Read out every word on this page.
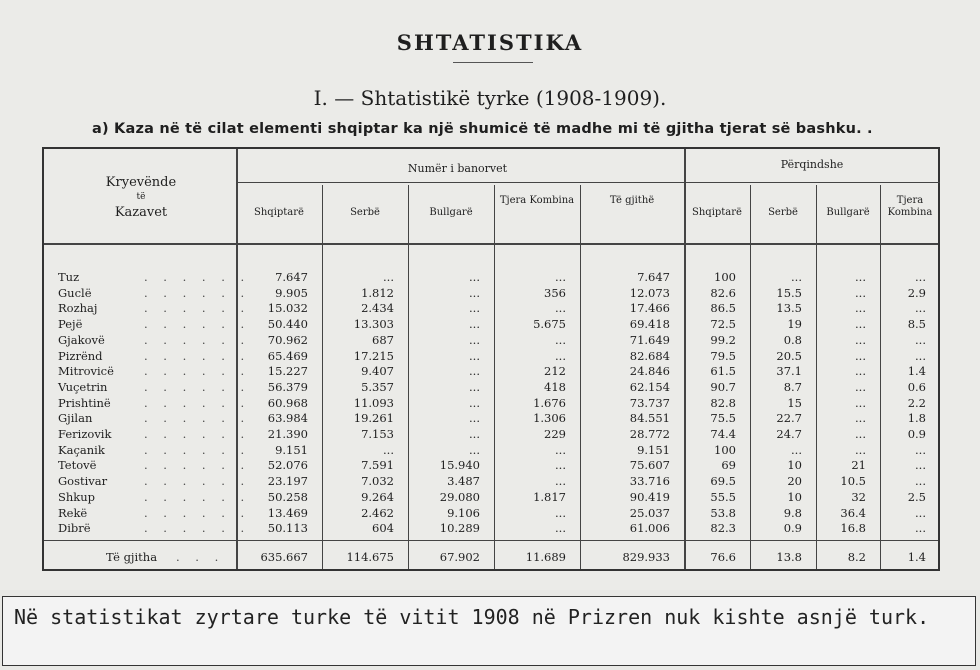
SHTATISTIKA
I. — Shtatistikë tyrke (1908-1909).
a) Kaza në të cilat elementi shqiptar ka një shumicë të madhe mi të gjitha tjerat së bashku. .
Kryevënde
të
Kazavet
Numër i banorvet	Përqindshe
Shqiptarë	Serbë	Bullgarë
Tjera Kombina	Të gjithë
Shqiptarë	Serbë	Bullgarë
Tjera Kombina
Tuz	. . . . . .	7.647	...	...	...	7.647	100	...	...	...
Guclë	. . . . . .	9.905	1.812	...	356	12.073	82.6	15.5	...	2.9
Rozhaj	. . . . . .	15.032	2.434	...	...	17.466	86.5	13.5	...	...
Pejë	. . . . . .	50.440	13.303	...	5.675	69.418	72.5	19	...	8.5
Gjakovë	. . . . . .	70.962	687	...	...	71.649	99.2	0.8	...	...
Pizrënd	. . . . . .	65.469	17.215	...	...	82.684	79.5	20.5	...	...
Mitrovicë	. . . . . .	15.227	9.407	...	212	24.846	61.5	37.1	...	1.4
Vuçetrin	. . . . . .	56.379	5.357	...	418	62.154	90.7	8.7	...	0.6
Prishtinë	. . . . . .	60.968	11.093	...	1.676	73.737	82.8	15	...	2.2
Gjilan	. . . . . .	63.984	19.261	...	1.306	84.551	75.5	22.7	...	1.8
Ferizovik	. . . . . .	21.390	7.153	...	229	28.772	74.4	24.7	...	0.9
Kaçanik	. . . . . .	9.151	...	...	...	9.151	100	...	...	...
Tetovë	. . . . . .	52.076	7.591	15.940	...	75.607	69	10	21	...
Gostivar	. . . . . .	23.197	7.032	3.487	...	33.716	69.5	20	10.5	...
Shkup	. . . . . .	50.258	9.264	29.080	1.817	90.419	55.5	10	32	2.5
Rekë	. . . . . .	13.469	2.462	9.106	...	25.037	53.8	9.8	36.4	...
Dibrë	. . . . . .	50.113	604	10.289	...	61.006	82.3	0.9	16.8	...
Të gjitha . . .	635.667	114.675	67.902	11.689	829.933	76.6	13.8	8.2	1.4
Në statistikat zyrtare turke të vitit 1908 në Prizren nuk kishte asnjë turk.
